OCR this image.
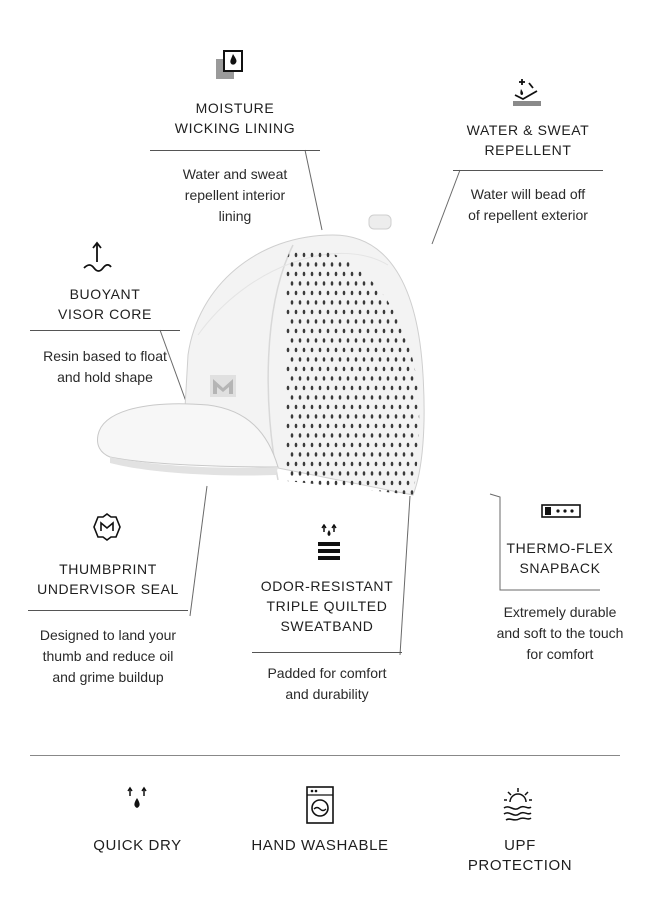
MOISTURE
WICKING LINING
Water and sweat
repellent interior
lining
WATER & SWEAT
REPELLENT
Water will bead off
of repellent exterior
BUOYANT
VISOR CORE
Resin based to float
and hold shape
THUMBPRINT
UNDERVISOR SEAL
Designed to land your
thumb and reduce oil
and grime buildup
ODOR-RESISTANT
TRIPLE QUILTED
SWEATBAND
Padded for comfort
and durability
THERMO-FLEX
SNAPBACK
Extremely durable
and soft to the touch
for comfort
QUICK DRY	HAND WASHABLE	UPF PROTECTION
